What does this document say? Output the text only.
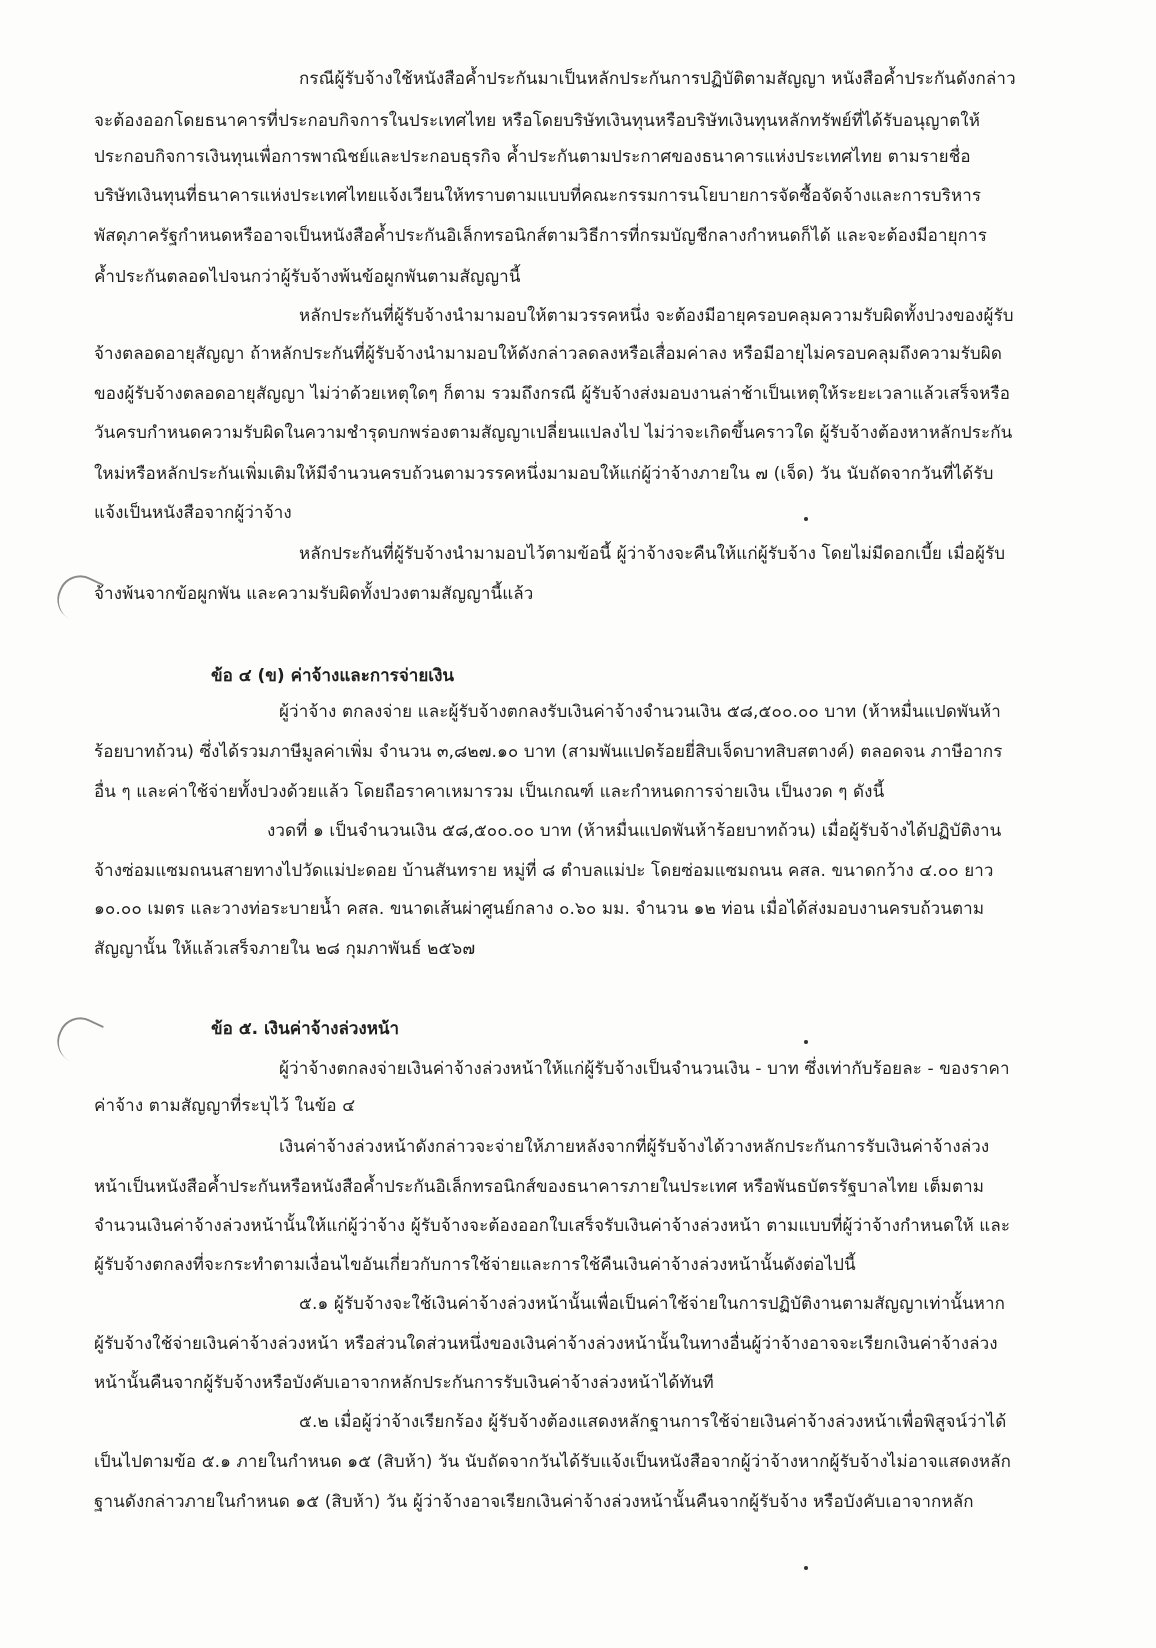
กรณีผู้รับจ้างใช้หนังสือค้ำประกันมาเป็นหลักประกันการปฏิบัติตามสัญญา หนังสือค้ำประกันดังกล่าว
จะต้องออกโดยธนาคารที่ประกอบกิจการในประเทศไทย หรือโดยบริษัทเงินทุนหรือบริษัทเงินทุนหลักทรัพย์ที่ได้รับอนุญาตให้
ประกอบกิจการเงินทุนเพื่อการพาณิชย์และประกอบธุรกิจ ค้ำประกันตามประกาศของธนาคารแห่งประเทศไทย ตามรายชื่อ
บริษัทเงินทุนที่ธนาคารแห่งประเทศไทยแจ้งเวียนให้ทราบตามแบบที่คณะกรรมการนโยบายการจัดซื้อจัดจ้างและการบริหาร
พัสดุภาครัฐกำหนดหรืออาจเป็นหนังสือค้ำประกันอิเล็กทรอนิกส์ตามวิธีการที่กรมบัญชีกลางกำหนดก็ได้ และจะต้องมีอายุการ
ค้ำประกันตลอดไปจนกว่าผู้รับจ้างพ้นข้อผูกพันตามสัญญานี้
หลักประกันที่ผู้รับจ้างนำมามอบให้ตามวรรคหนึ่ง จะต้องมีอายุครอบคลุมความรับผิดทั้งปวงของผู้รับ
จ้างตลอดอายุสัญญา ถ้าหลักประกันที่ผู้รับจ้างนำมามอบให้ดังกล่าวลดลงหรือเสื่อมค่าลง หรือมีอายุไม่ครอบคลุมถึงความรับผิด
ของผู้รับจ้างตลอดอายุสัญญา ไม่ว่าด้วยเหตุใดๆ ก็ตาม รวมถึงกรณี ผู้รับจ้างส่งมอบงานล่าช้าเป็นเหตุให้ระยะเวลาแล้วเสร็จหรือ
วันครบกำหนดความรับผิดในความชำรุดบกพร่องตามสัญญาเปลี่ยนแปลงไป ไม่ว่าจะเกิดขึ้นคราวใด ผู้รับจ้างต้องหาหลักประกัน
ใหม่หรือหลักประกันเพิ่มเติมให้มีจำนวนครบถ้วนตามวรรคหนึ่งมามอบให้แก่ผู้ว่าจ้างภายใน ๗ (เจ็ด) วัน นับถัดจากวันที่ได้รับ
แจ้งเป็นหนังสือจากผู้ว่าจ้าง
หลักประกันที่ผู้รับจ้างนำมามอบไว้ตามข้อนี้ ผู้ว่าจ้างจะคืนให้แก่ผู้รับจ้าง โดยไม่มีดอกเบี้ย เมื่อผู้รับ
จ้างพ้นจากข้อผูกพัน และความรับผิดทั้งปวงตามสัญญานี้แล้ว
ข้อ ๔ (ข) ค่าจ้างและการจ่ายเงิน
ผู้ว่าจ้าง ตกลงจ่าย และผู้รับจ้างตกลงรับเงินค่าจ้างจำนวนเงิน ๕๘,๕๐๐.๐๐ บาท (ห้าหมื่นแปดพันห้า
ร้อยบาทถ้วน) ซึ่งได้รวมภาษีมูลค่าเพิ่ม จำนวน ๓,๘๒๗.๑๐ บาท (สามพันแปดร้อยยี่สิบเจ็ดบาทสิบสตางค์) ตลอดจน ภาษีอากร
อื่น ๆ และค่าใช้จ่ายทั้งปวงด้วยแล้ว โดยถือราคาเหมารวม เป็นเกณฑ์ และกำหนดการจ่ายเงิน เป็นงวด ๆ ดังนี้
งวดที่ ๑ เป็นจำนวนเงิน ๕๘,๕๐๐.๐๐ บาท (ห้าหมื่นแปดพันห้าร้อยบาทถ้วน) เมื่อผู้รับจ้างได้ปฏิบัติงาน
จ้างซ่อมแซมถนนสายทางไปวัดแม่ปะดอย บ้านสันทราย หมู่ที่ ๘ ตำบลแม่ปะ โดยซ่อมแซมถนน คสล. ขนาดกว้าง ๔.๐๐ ยาว
๑๐.๐๐ เมตร และวางท่อระบายน้ำ คสล. ขนาดเส้นผ่าศูนย์กลาง ๐.๖๐ มม. จำนวน ๑๒ ท่อน เมื่อได้ส่งมอบงานครบถ้วนตาม
สัญญานั้น ให้แล้วเสร็จภายใน ๒๘ กุมภาพันธ์ ๒๕๖๗
ข้อ ๕. เงินค่าจ้างล่วงหน้า
ผู้ว่าจ้างตกลงจ่ายเงินค่าจ้างล่วงหน้าให้แก่ผู้รับจ้างเป็นจำนวนเงิน - บาท ซึ่งเท่ากับร้อยละ - ของราคา
ค่าจ้าง ตามสัญญาที่ระบุไว้ ในข้อ ๔
เงินค่าจ้างล่วงหน้าดังกล่าวจะจ่ายให้ภายหลังจากที่ผู้รับจ้างได้วางหลักประกันการรับเงินค่าจ้างล่วง
หน้าเป็นหนังสือค้ำประกันหรือหนังสือค้ำประกันอิเล็กทรอนิกส์ของธนาคารภายในประเทศ หรือพันธบัตรรัฐบาลไทย เต็มตาม
จำนวนเงินค่าจ้างล่วงหน้านั้นให้แก่ผู้ว่าจ้าง ผู้รับจ้างจะต้องออกใบเสร็จรับเงินค่าจ้างล่วงหน้า ตามแบบที่ผู้ว่าจ้างกำหนดให้ และ
ผู้รับจ้างตกลงที่จะกระทำตามเงื่อนไขอันเกี่ยวกับการใช้จ่ายและการใช้คืนเงินค่าจ้างล่วงหน้านั้นดังต่อไปนี้
๕.๑ ผู้รับจ้างจะใช้เงินค่าจ้างล่วงหน้านั้นเพื่อเป็นค่าใช้จ่ายในการปฏิบัติงานตามสัญญาเท่านั้นหาก
ผู้รับจ้างใช้จ่ายเงินค่าจ้างล่วงหน้า หรือส่วนใดส่วนหนึ่งของเงินค่าจ้างล่วงหน้านั้นในทางอื่นผู้ว่าจ้างอาจจะเรียกเงินค่าจ้างล่วง
หน้านั้นคืนจากผู้รับจ้างหรือบังคับเอาจากหลักประกันการรับเงินค่าจ้างล่วงหน้าได้ทันที
๕.๒ เมื่อผู้ว่าจ้างเรียกร้อง ผู้รับจ้างต้องแสดงหลักฐานการใช้จ่ายเงินค่าจ้างล่วงหน้าเพื่อพิสูจน์ว่าได้
เป็นไปตามข้อ ๕.๑ ภายในกำหนด ๑๕ (สิบห้า) วัน นับถัดจากวันได้รับแจ้งเป็นหนังสือจากผู้ว่าจ้างหากผู้รับจ้างไม่อาจแสดงหลัก
ฐานดังกล่าวภายในกำหนด ๑๕ (สิบห้า) วัน ผู้ว่าจ้างอาจเรียกเงินค่าจ้างล่วงหน้านั้นคืนจากผู้รับจ้าง หรือบังคับเอาจากหลัก
